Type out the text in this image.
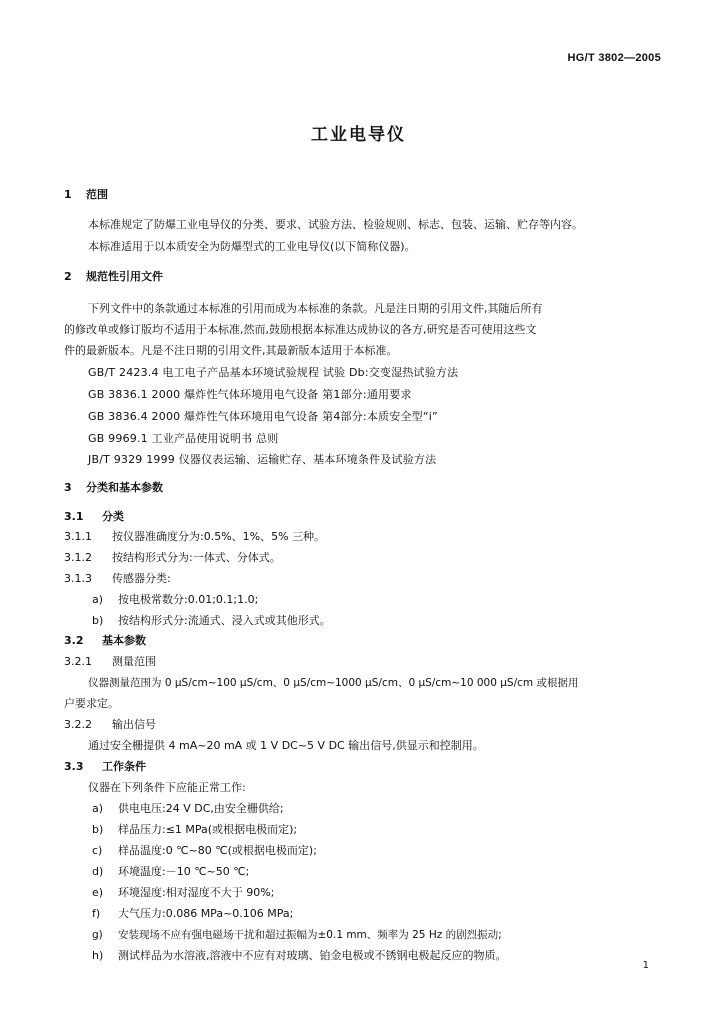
HG/T 3802—2005
工业电导仪
1 范围
本标准规定了防爆工业电导仪的分类、要求、试验方法、检验规则、标志、包装、运输、贮存等内容。
本标准适用于以本质安全为防爆型式的工业电导仪(以下简称仪器)。
2 规范性引用文件
下列文件中的条款通过本标准的引用而成为本标准的条款。凡是注日期的引用文件,其随后所有
的修改单或修订版均不适用于本标准,然而,鼓励根据本标准达成协议的各方,研究是否可使用这些文
件的最新版本。凡是不注日期的引用文件,其最新版本适用于本标准。
GB/T 2423.4 电工电子产品基本环境试验规程 试验 Db:交变湿热试验方法
GB 3836.1 2000 爆炸性气体环境用电气设备 第1部分:通用要求
GB 3836.4 2000 爆炸性气体环境用电气设备 第4部分:本质安全型“i”
GB 9969.1 工业产品使用说明书 总则
JB/T 9329 1999 仪器仪表运输、运输贮存、基本环境条件及试验方法
3 分类和基本参数
3.1 分类
3.1.1 按仪器准确度分为:0.5%、1%、5% 三种。
3.1.2 按结构形式分为:一体式、分体式。
3.1.3 传感器分类:
a) 按电极常数分:0.01;0.1;1.0;
b) 按结构形式分:流通式、浸入式或其他形式。
3.2 基本参数
3.2.1 测量范围
仪器测量范围为 0 μS/cm~100 μS/cm、0 μS/cm~1000 μS/cm、0 μS/cm~10 000 μS/cm 或根据用
户要求定。
3.2.2 输出信号
通过安全栅提供 4 mA~20 mA 或 1 V DC~5 V DC 输出信号,供显示和控制用。
3.3 工作条件
仪器在下列条件下应能正常工作:
a) 供电电压:24 V DC,由安全栅供给;
b) 样品压力:≤1 MPa(或根据电极而定);
c) 样品温度:0 ℃~80 ℃(或根据电极而定);
d) 环境温度:－10 ℃~50 ℃;
e) 环境湿度:相对湿度不大于 90%;
f) 大气压力:0.086 MPa~0.106 MPa;
g) 安装现场不应有强电磁场干扰和超过振幅为±0.1 mm、频率为 25 Hz 的剧烈振动;
h) 测试样品为水溶液,溶液中不应有对玻璃、铂金电极或不锈钢电极起反应的物质。
1
